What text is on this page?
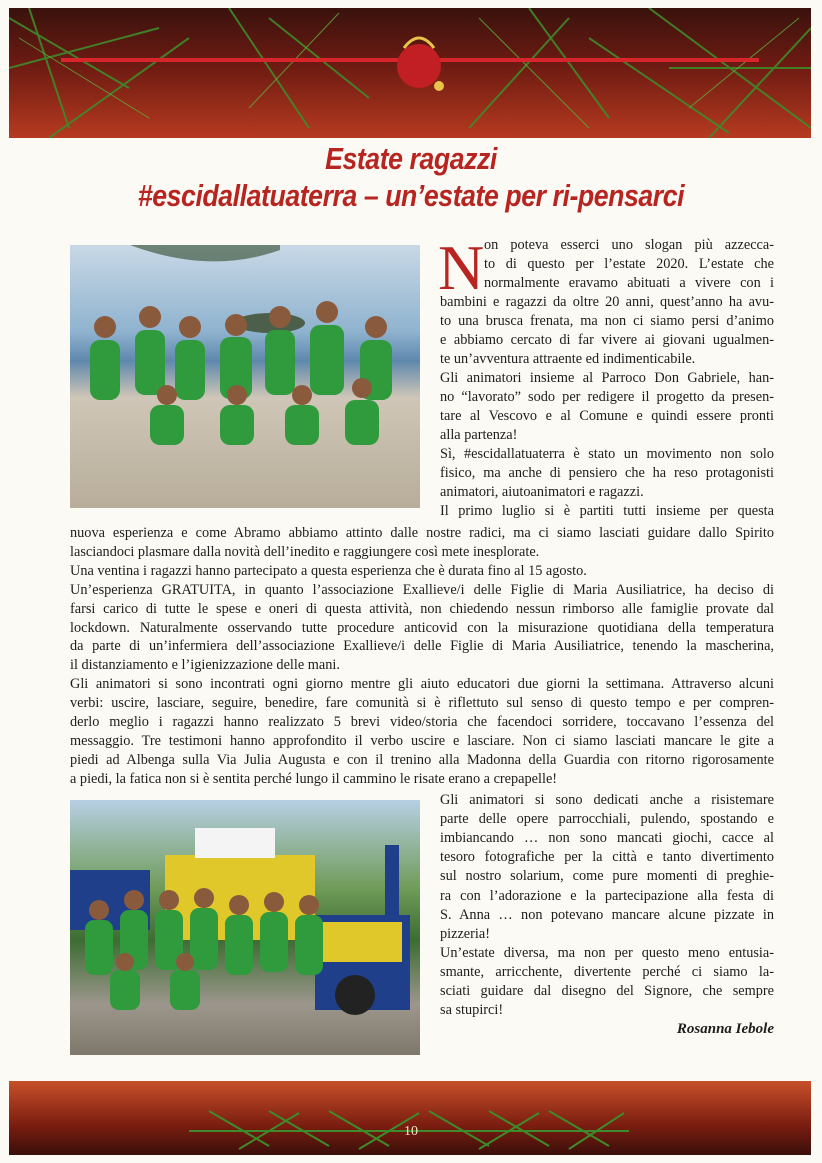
Estate ragazzi
#escidallatuaterra – un’estate per ri-pensarci
N on poteva esserci uno slogan più azzecca-
to di questo per l’estate 2020. L’estate che
normalmente eravamo abituati a vivere con i
bambini e ragazzi da oltre 20 anni, quest’anno ha avu-
to una brusca frenata, ma non ci siamo persi d’animo
e abbiamo cercato di far vivere ai giovani ugualmen-
te un’avventura attraente ed indimenticabile.
Gli animatori insieme al Parroco Don Gabriele, han-
no “lavorato” sodo per redigere il progetto da presen-
tare al Vescovo e al Comune e quindi essere pronti
alla partenza!
Sì, #escidallatuaterra è stato un movimento non solo
fisico, ma anche di pensiero che ha reso protagonisti
animatori, aiutoanimatori e ragazzi.
Il primo luglio si è partiti tutti insieme per questa
nuova esperienza e come Abramo abbiamo attinto dalle nostre radici, ma ci siamo lasciati guidare dallo Spirito
lasciandoci plasmare dalla novità dell’inedito e raggiungere così mete inesplorate.
Una ventina i ragazzi hanno partecipato a questa esperienza che è durata fino al 15 agosto.
Un’esperienza GRATUITA, in quanto l’associazione Exallieve/i delle Figlie di Maria Ausiliatrice, ha deciso di
farsi carico di tutte le spese e oneri di questa attività, non chiedendo nessun rimborso alle famiglie provate dal
lockdown. Naturalmente osservando tutte procedure anticovid con la misurazione quotidiana della temperatura
da parte di un’infermiera dell’associazione Exallieve/i delle Figlie di Maria Ausiliatrice, tenendo la mascherina,
il distanziamento e l’igienizzazione delle mani.
Gli animatori si sono incontrati ogni giorno mentre gli aiuto educatori due giorni la settimana. Attraverso alcuni
verbi: uscire, lasciare, seguire, benedire, fare comunità si è riflettuto sul senso di questo tempo e per compren-
derlo meglio i ragazzi hanno realizzato 5 brevi video/storia che facendoci sorridere, toccavano l’essenza del
messaggio. Tre testimoni hanno approfondito il verbo uscire e lasciare. Non ci siamo lasciati mancare le gite a
piedi ad Albenga sulla Via Julia Augusta e con il trenino alla Madonna della Guardia con ritorno rigorosamente
a piedi, la fatica non si è sentita perché lungo il cammino le risate erano a crepapelle!
Gli animatori si sono dedicati anche a risistemare
parte delle opere parrocchiali, pulendo, spostando e
imbiancando … non sono mancati giochi, cacce al
tesoro fotografiche per la città e tanto divertimento
sul nostro solarium, come pure momenti di preghie-
ra con l’adorazione e la partecipazione alla festa di
S. Anna … non potevano mancare alcune pizzate in
pizzeria!
Un’estate diversa, ma non per questo meno entusia-
smante, arricchente, divertente perché ci siamo la-
sciati guidare dal disegno del Signore, che sempre
sa stupirci!
Rosanna Iebole
10
